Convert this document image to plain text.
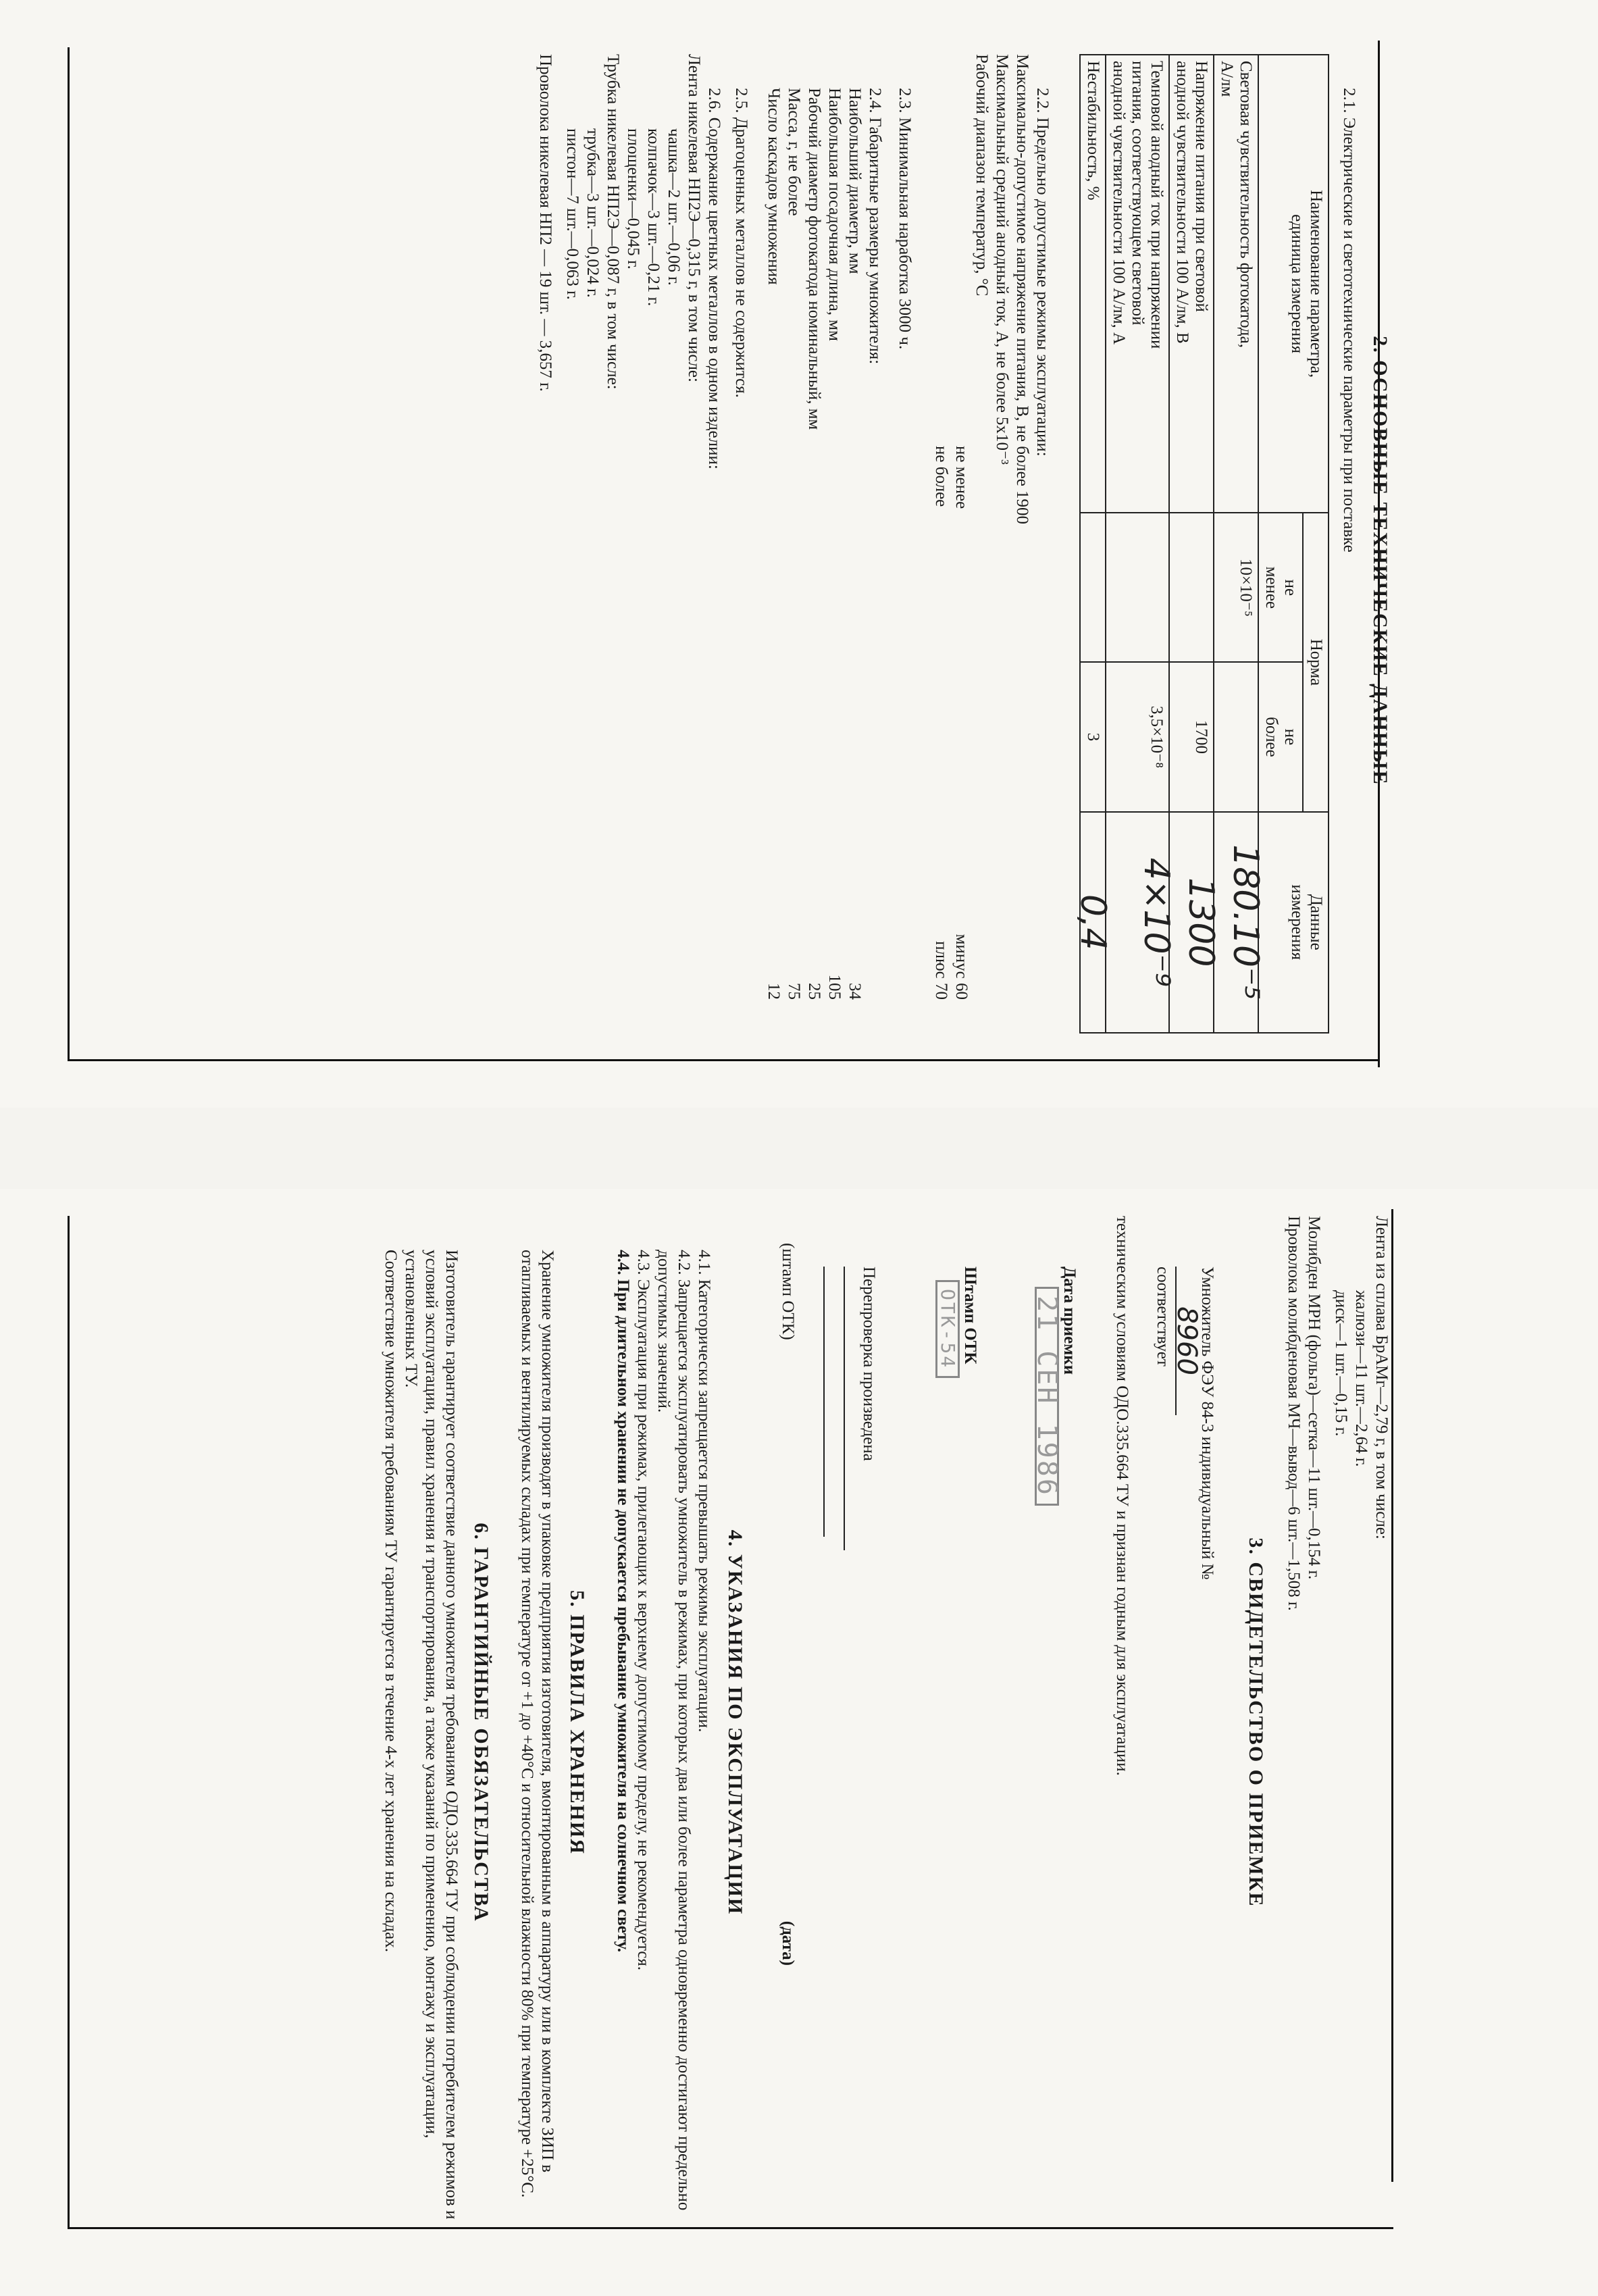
2. ОСНОВНЫЕ ТЕХНИЧЕСКИЕ ДАННЫЕ

2.1. Электрические и светотехнические параметры при поставке

Наименование параметра,
единица измерения	Норма		Данные
измерения
	не
менее	не
более	
Световая чувствительность фотокатода,
А/лм	10×10⁻⁵		180.10⁻⁵
Напряжение питания при световой
анодной чувствительности 100 А/лм, В		1700	1300
Темновой анодный ток при напряжении
питания, соответствующем световой
анодной чувствительности 100 А/лм, А		3,5×10⁻⁸	4×10⁻⁹
Нестабильность, %		3	0,4

2.2. Предельно допустимые режимы эксплуатации:

Максимально-допустимое напряжение питания, В, не более 1900

Максимальный средний анодный ток, А, не более 5х10⁻³

Рабочий диапазон температур, °С

не менее
минус 60
не более
плюс 70

2.3. Минимальная наработка 3000 ч.

2.4. Габаритные размеры умножителя:

Наибольший диаметр, мм
34
Наибольшая посадочная длина, мм
105
Рабочий диаметр фотокатода номинальный, мм
25
Масса, г, не более
75
Число каскадов умножения
12

2.5. Драгоценных металлов не содержится.

2.6. Содержание цветных металлов в одном изделии:

Лента никелевая НП2Э—0,315 г, в том числе:

чашка—2 шт.—0,06 г.

колпачок—3 шт.—0,21 г.

площенки—0,045 г.

Трубка никелевая НП2Э—0,087 г, в том числе:

трубка—3 шт.—0,024 г.

пистон—7 шт.—0,063 г.

Проволока никелевая НП2 — 19 шт. — 3,657 г.

Лента из сплава БрАМг—2,79 г, в том числе:

жалюзи—11 шт.—2,64 г.

диск—1 шт.—0,15 г.

Молибден МРН (фольга)—сетка—11 шт.—0,154 г.

Проволока молибденовая МЧ—вывод—6 шт.—1,508 г.

3. СВИДЕТЕЛЬСТВО О ПРИЕМКЕ

Умножитель ФЭУ 84-3 индивидуальный №
8960
соответствует

техническим условиям ОДО.335.664 ТУ и признан годным для эксплуатации.

Дата приемки
21 СЕН 1986

Штамп ОТК
ОТК-54

Перепроверка произведена

(штамп ОТК)
(дата)
4. УКАЗАНИЯ ПО ЭКСПЛУАТАЦИИ

4.1. Категорически запрещается превышать режимы эксплуатации.

4.2. Запрещается эксплуатировать умножитель в режимах, при которых два или более параметра одновременно достигают предельно допустимых значений.

4.3. Эксплуатация при режимах, прилегающих к верхнему допустимому пределу, не рекомендуется.

4.4. При длительном хранении не допускается пребывание умножителя на солнечном свету.

5. ПРАВИЛА ХРАНЕНИЯ

Хранение умножителя производят в упаковке предприятия изготовителя, вмонтированным в аппаратуру или в комплекте ЗИП в отапливаемых и вентилируемых складах при температуре от +1 до +40°С и относительной влажности 80% при температуре +25°С.

6. ГАРАНТИЙНЫЕ ОБЯЗАТЕЛЬСТВА

Изготовитель гарантирует соответствие данного умножителя требованиям ОДО.335.664 ТУ при соблюдении потребителем режимов и условий эксплуатации, правил хранения и транспортирования, а также указаний по применению, монтажу и эксплуатации, установленных ТУ.

Соответствие умножителя требованиям ТУ гарантируется в течение 4-х лет хранения на складах.
